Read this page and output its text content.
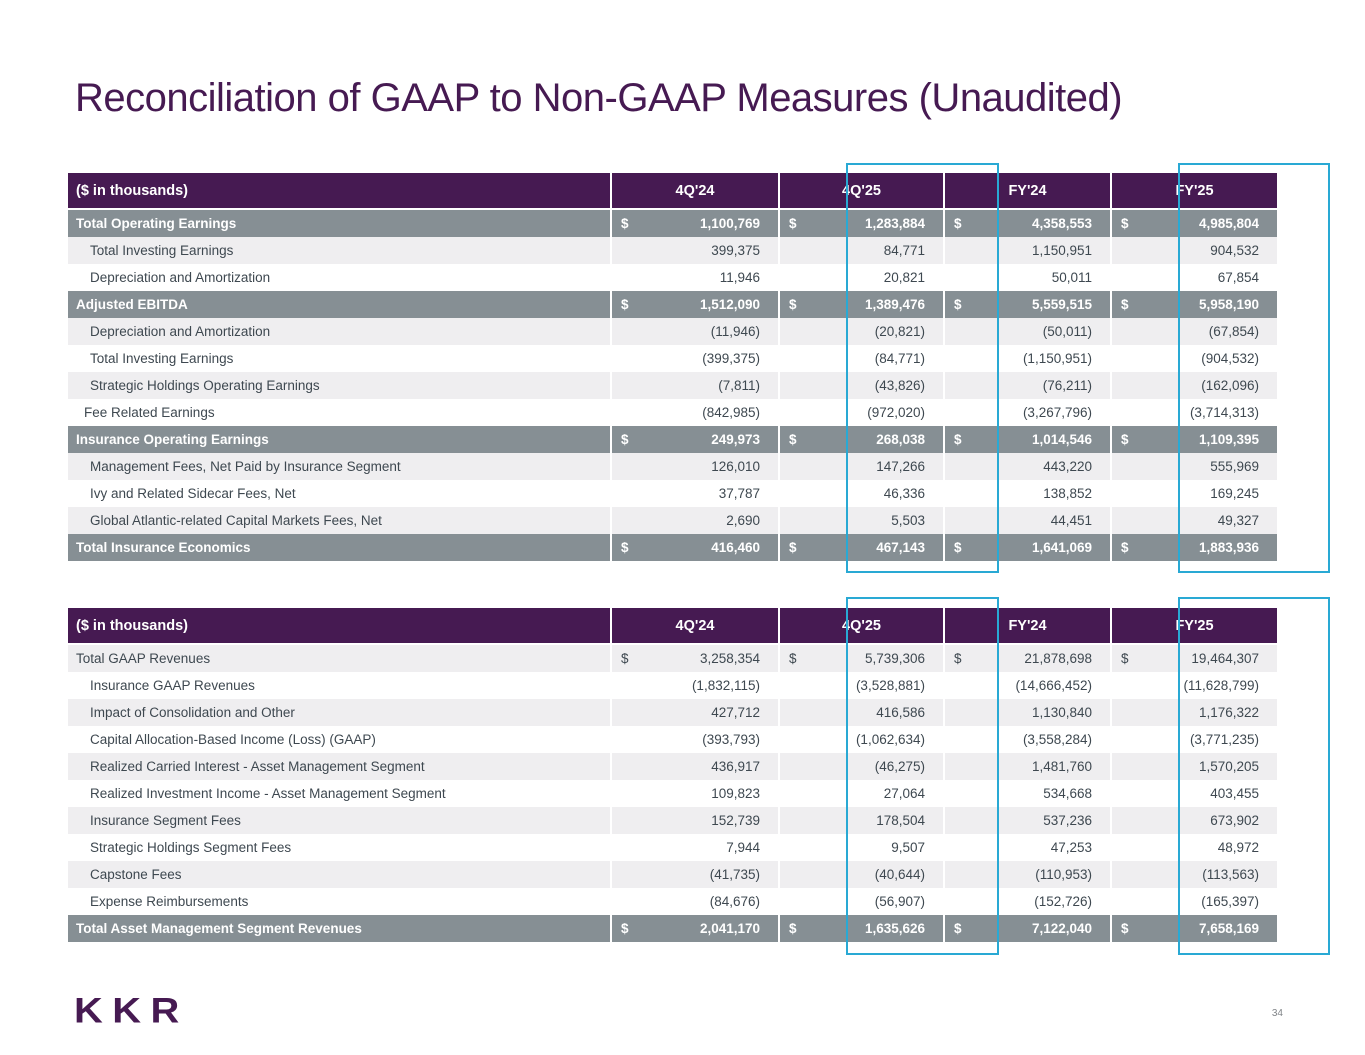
Reconciliation of GAAP to Non-GAAP Measures (Unaudited)
($ in thousands)	4Q'24	4Q'25	FY'24	FY'25
Total Operating Earnings	$	1,100,769 $	1,283,884 $	4,358,553 $	4,985,804
Total Investing Earnings	399,375	84,771	1,150,951	904,532
Depreciation and Amortization	11,946	20,821	50,011	67,854
Adjusted EBITDA	$	1,512,090 $	1,389,476 $	5,559,515 $	5,958,190
Depreciation and Amortization	(11,946)	(20,821)	(50,011)	(67,854)
Total Investing Earnings	(399,375)	(84,771)	(1,150,951)	(904,532)
Strategic Holdings Operating Earnings	(7,811)	(43,826)	(76,211)	(162,096)
Fee Related Earnings	(842,985)	(972,020)	(3,267,796)	(3,714,313)
Insurance Operating Earnings	$	249,973 $	268,038 $	1,014,546 $	1,109,395
Management Fees, Net Paid by Insurance Segment	126,010	147,266	443,220	555,969
Ivy and Related Sidecar Fees, Net	37,787	46,336	138,852	169,245
Global Atlantic-related Capital Markets Fees, Net	2,690	5,503	44,451	49,327
Total Insurance Economics	$	416,460 $	467,143 $	1,641,069 $	1,883,936
($ in thousands)	4Q'24	4Q'25	FY'24	FY'25
Total GAAP Revenues	$	3,258,354 $	5,739,306 $	21,878,698 $	19,464,307
Insurance GAAP Revenues	(1,832,115)	(3,528,881)	(14,666,452)	(11,628,799)
Impact of Consolidation and Other	427,712	416,586	1,130,840	1,176,322
Capital Allocation-Based Income (Loss) (GAAP)	(393,793)	(1,062,634)	(3,558,284)	(3,771,235)
Realized Carried Interest - Asset Management Segment	436,917	(46,275)	1,481,760	1,570,205
Realized Investment Income - Asset Management Segment	109,823	27,064	534,668	403,455
Insurance Segment Fees	152,739	178,504	537,236	673,902
Strategic Holdings Segment Fees	7,944	9,507	47,253	48,972
Capstone Fees	(41,735)	(40,644)	(110,953)	(113,563)
Expense Reimbursements	(84,676)	(56,907)	(152,726)	(165,397)
Total Asset Management Segment Revenues	$	2,041,170 $	1,635,626 $	7,122,040 $	7,658,169
KKR	34
